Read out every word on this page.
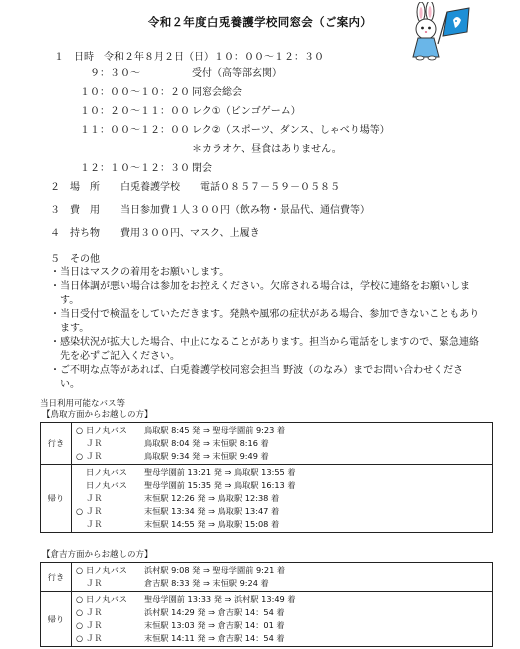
令和２年度白兎養護学校同窓会（ご案内）
１　日時　令和２年８月２日（日）１０：００～１２：３０
　９：３０～	受付（高等部玄関）
１０：００～１０：２０ 同窓会総会
１０：２０～１１：００ レク①（ビンゴゲーム）
１１：００～１２：００ レク②（スポーツ、ダンス、しゃべり場等）
＊カラオケ、昼食はありません。
１２：１０～１２：３０ 閉会
２　場　所　　白兎養護学校　　電話０８５７－５９－０５８５
３　費　用　　当日参加費１人３００円（飲み物・景品代、通信費等）
４　持ち物　　費用３００円、マスク、上履き
５　その他
・当日はマスクの着用をお願いします。
・当日体調が悪い場合は参加をお控えください。欠席される場合は，学校に連絡をお願いします。
・当日受付で検温をしていただきます。発熱や風邪の症状がある場合、参加できないこともあります。
・感染状況が拡大した場合、中止になることがあります。担当から電話をしますので、緊急連絡先を必ずご記入ください。
・ご不明な点等があれば、白兎養護学校同窓会担当 野波（のなみ）までお問い合わせください。
当日利用可能なバス等
【鳥取方面からお越しの方】
行き	○ 日ノ丸バス 鳥取駅 8:45 発 ⇒ 聖母学園前 9:23 着
ＪＲ 鳥取駅 8:04 発 ⇒ 末恒駅 8:16 着
○ ＪＲ 鳥取駅 9:34 発 ⇒ 末恒駅 9:49 着

帰り	日ノ丸バス 聖母学園前 13:21 発 ⇒ 鳥取駅 13:55 着
日ノ丸バス 聖母学園前 15:35 発 ⇒ 鳥取駅 16:13 着
ＪＲ 末恒駅 12:26 発 ⇒ 鳥取駅 12:38 着
○ ＪＲ 末恒駅 13:34 発 ⇒ 鳥取駅 13:47 着
ＪＲ 末恒駅 14:55 発 ⇒ 鳥取駅 15:08 着
【倉吉方面からお越しの方】
行き	○ 日ノ丸バス 浜村駅 9:08 発 ⇒ 聖母学園前 9:21 着
ＪＲ 倉吉駅 8:33 発 ⇒ 末恒駅 9:24 着

帰り	○ 日ノ丸バス 聖母学園前 13:33 発 ⇒ 浜村駅 13:49 着
○ ＪＲ 浜村駅 14:29 発 ⇒ 倉吉駅 14：54 着
○ ＪＲ 末恒駅 13:03 発 ⇒ 倉吉駅 14：01 着
○ ＪＲ 末恒駅 14:11 発 ⇒ 倉吉駅 14：54 着
